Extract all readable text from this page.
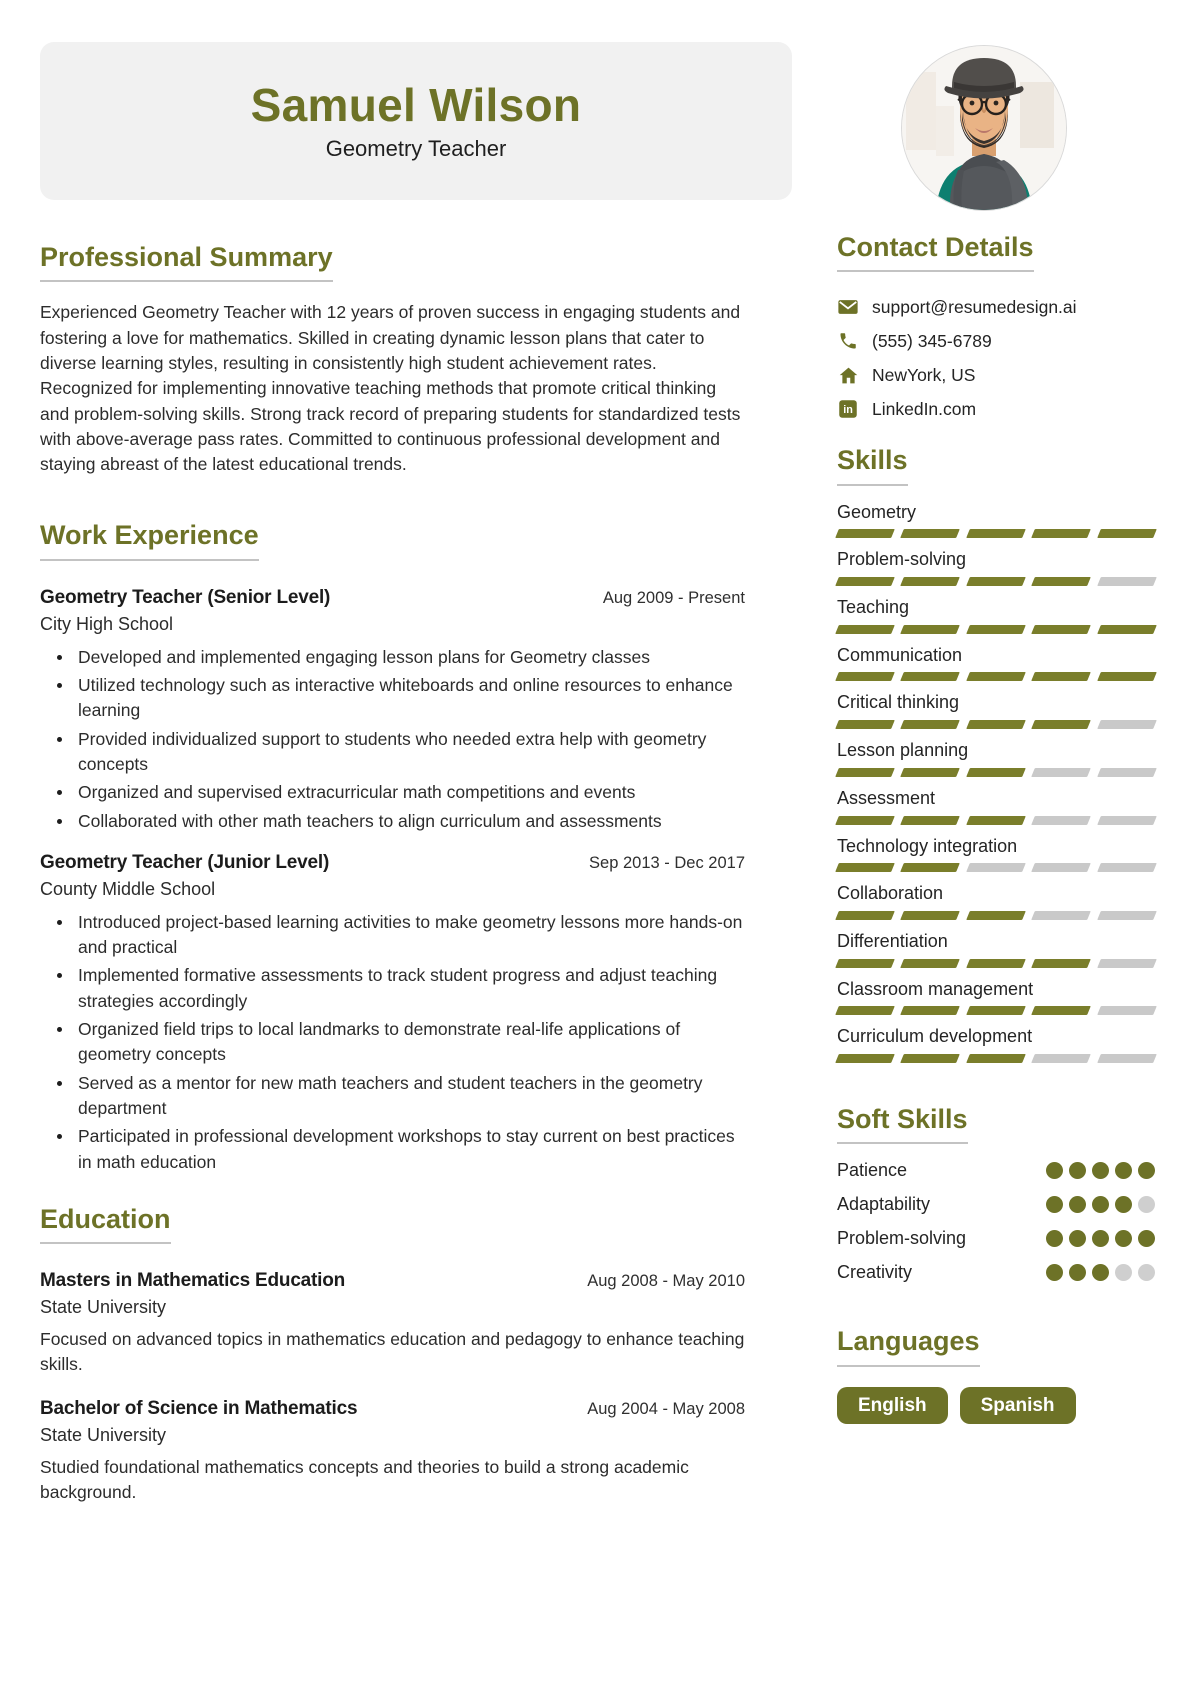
Samuel Wilson
Geometry Teacher
Professional Summary

Experienced Geometry Teacher with 12 years of proven success in engaging students and fostering a love for mathematics. Skilled in creating dynamic lesson plans that cater to diverse learning styles, resulting in consistently high student achievement rates. Recognized for implementing innovative teaching methods that promote critical thinking and problem-solving skills. Strong track record of preparing students for standardized tests with above-average pass rates. Committed to continuous professional development and staying abreast of the latest educational trends.

Work Experience
Geometry Teacher (Senior Level)	Aug 2009 - Present
City High School
Developed and implemented engaging lesson plans for Geometry classes
Utilized technology such as interactive whiteboards and online resources to enhance learning
Provided individualized support to students who needed extra help with geometry concepts
Organized and supervised extracurricular math competitions and events
Collaborated with other math teachers to align curriculum and assessments
Geometry Teacher (Junior Level)	Sep 2013 - Dec 2017
County Middle School
Introduced project-based learning activities to make geometry lessons more hands-on and practical
Implemented formative assessments to track student progress and adjust teaching strategies accordingly
Organized field trips to local landmarks to demonstrate real-life applications of geometry concepts
Served as a mentor for new math teachers and student teachers in the geometry department
Participated in professional development workshops to stay current on best practices in math education
Education
Masters in Mathematics Education	Aug 2008 - May 2010
State University

Focused on advanced topics in mathematics education and pedagogy to enhance teaching skills.

Bachelor of Science in Mathematics	Aug 2004 - May 2008
State University

Studied foundational mathematics concepts and theories to build a strong academic background.

Contact Details
support@resumedesign.ai
(555) 345-6789
NewYork, US
in LinkedIn.com
Skills
Geometry
Problem-solving
Teaching
Communication
Critical thinking
Lesson planning
Assessment
Technology integration
Collaboration
Differentiation
Classroom management
Curriculum development
Soft Skills
Patience
Adaptability
Problem-solving
Creativity
Languages
English	Spanish
